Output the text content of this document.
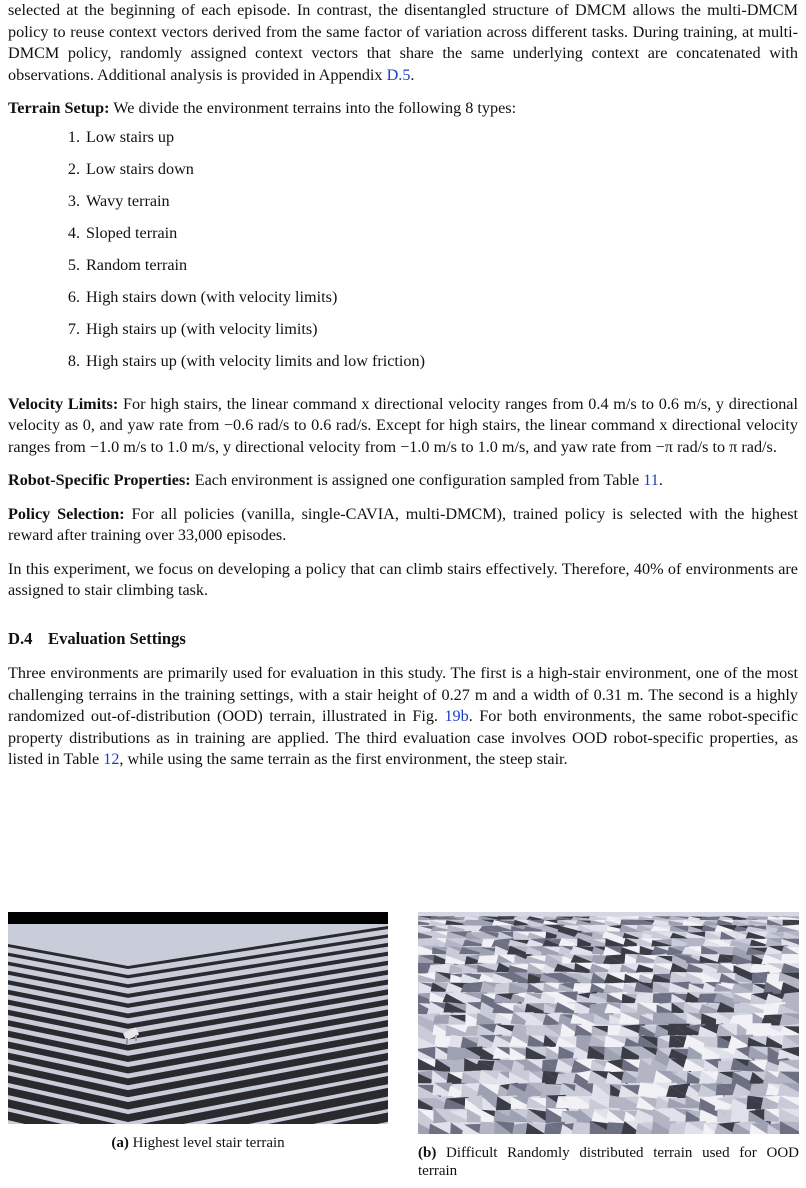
selected at the beginning of each episode. In contrast, the disentangled structure of DMCM allows the multi-DMCM policy to reuse context vectors derived from the same factor of variation across different tasks. During training, at multi-DMCM policy, randomly assigned context vectors that share the same underlying context are concatenated with observations. Additional analysis is provided in Appendix D.5.

Terrain Setup: We divide the environment terrains into the following 8 types:

1. Low stairs up
2. Low stairs down
3. Wavy terrain
4. Sloped terrain
5. Random terrain
6. High stairs down (with velocity limits)
7. High stairs up (with velocity limits)
8. High stairs up (with velocity limits and low friction)

Velocity Limits: For high stairs, the linear command x directional velocity ranges from 0.4 m/s to 0.6 m/s, y directional velocity as 0, and yaw rate from −0.6 rad/s to 0.6 rad/s. Except for high stairs, the linear command x directional velocity ranges from −1.0 m/s to 1.0 m/s, y directional velocity from −1.0 m/s to 1.0 m/s, and yaw rate from −π rad/s to π rad/s.

Robot-Specific Properties: Each environment is assigned one configuration sampled from Table 11.

Policy Selection: For all policies (vanilla, single-CAVIA, multi-DMCM), trained policy is selected with the highest reward after training over 33,000 episodes.

In this experiment, we focus on developing a policy that can climb stairs effectively. Therefore, 40% of environments are assigned to stair climbing task.

D.4 Evaluation Settings

Three environments are primarily used for evaluation in this study. The first is a high-stair environment, one of the most challenging terrains in the training settings, with a stair height of 0.27 m and a width of 0.31 m. The second is a highly randomized out-of-distribution (OOD) terrain, illustrated in Fig. 19b. For both environments, the same robot-specific property distributions as in training are applied. The third evaluation case involves OOD robot-specific properties, as listed in Table 12, while using the same terrain as the first environment, the steep stair.

(a) Highest level stair terrain
(b) Difficult Randomly distributed terrain used for OOD terrain
